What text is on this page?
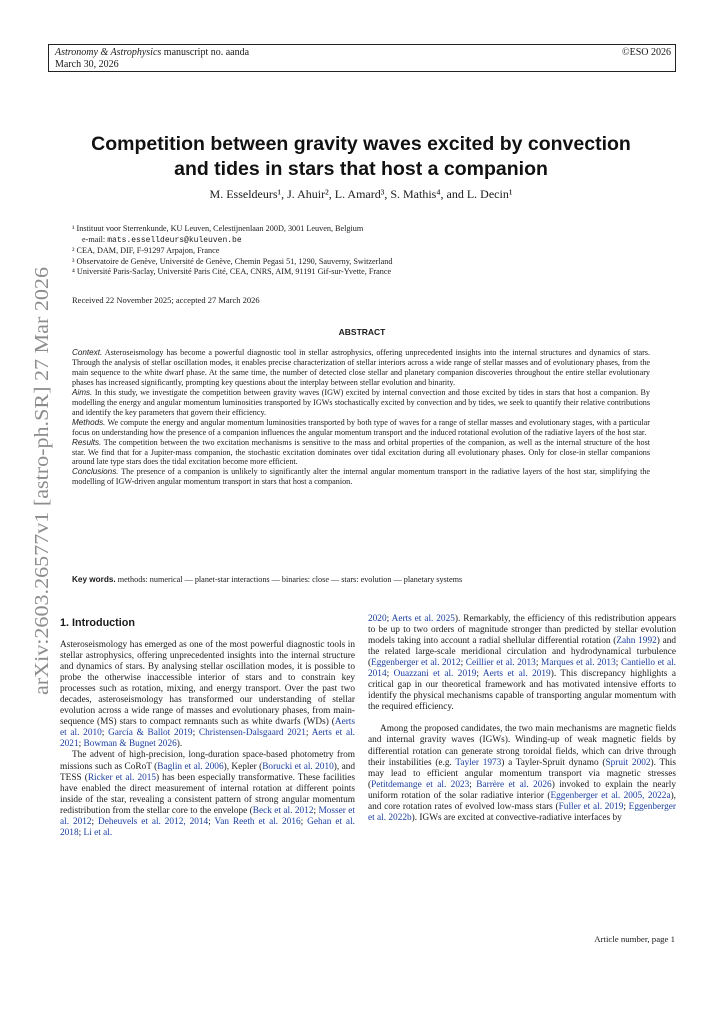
Astronomy & Astrophysics manuscript no. aanda
March 30, 2026
©ESO 2026
arXiv:2603.26577v1 [astro-ph.SR] 27 Mar 2026
Competition between gravity waves excited by convection
and tides in stars that host a companion
M. Esseldeurs¹, J. Ahuir², L. Amard³, S. Mathis⁴, and L. Decin¹
¹ Instituut voor Sterrenkunde, KU Leuven, Celestijnenlaan 200D, 3001 Leuven, Belgium
e-mail: mats.esselldeurs@kuleuven.be
² CEA, DAM, DIF, F-91297 Arpajon, France
³ Observatoire de Genève, Université de Genève, Chemin Pegasi 51, 1290, Sauverny, Switzerland
⁴ Université Paris-Saclay, Université Paris Cité, CEA, CNRS, AIM, 91191 Gif-sur-Yvette, France
Received 22 November 2025; accepted 27 March 2026
ABSTRACT

Context. Asteroseismology has become a powerful diagnostic tool in stellar astrophysics, offering unprecedented insights into the internal structures and dynamics of stars. Through the analysis of stellar oscillation modes, it enables precise characterization of stellar interiors across a wide range of stellar masses and of evolutionary phases, from the main sequence to the white dwarf phase. At the same time, the number of detected close stellar and planetary companion discoveries throughout the entire stellar evolutionary phases has increased significantly, prompting key questions about the interplay between stellar evolution and binarity.

Aims. In this study, we investigate the competition between gravity waves (IGW) excited by internal convection and those excited by tides in stars that host a companion. By modelling the energy and angular momentum luminosities transported by IGWs stochastically excited by convection and by tides, we seek to quantify their relative contributions and identify the key parameters that govern their efficiency.

Methods. We compute the energy and angular momentum luminosities transported by both type of waves for a range of stellar masses and evolutionary stages, with a particular focus on understanding how the presence of a companion influences the angular momentum transport and the induced rotational evolution of the radiative layers of the host star.

Results. The competition between the two excitation mechanisms is sensitive to the mass and orbital properties of the companion, as well as the internal structure of the host star. We find that for a Jupiter-mass companion, the stochastic excitation dominates over tidal excitation during all evolutionary phases. Only for close-in stellar companions around late type stars does the tidal excitation become more efficient.

Conclusions. The presence of a companion is unlikely to significantly alter the internal angular momentum transport in the radiative layers of the host star, simplifying the modelling of IGW-driven angular momentum transport in stars that host a companion.

Key words. methods: numerical — planet-star interactions — binaries: close — stars: evolution — planetary systems
1. Introduction

Asteroseismology has emerged as one of the most powerful diagnostic tools in stellar astrophysics, offering unprecedented insights into the internal structure and dynamics of stars. By analysing stellar oscillation modes, it is possible to probe the otherwise inaccessible interior of stars and to constrain key processes such as rotation, mixing, and energy transport. Over the past two decades, asteroseismology has transformed our understanding of stellar evolution across a wide range of masses and evolutionary phases, from main-sequence (MS) stars to compact remnants such as white dwarfs (WDs) (Aerts et al. 2010; García & Ballot 2019; Christensen-Dalsgaard 2021; Aerts et al. 2021; Bowman & Bugnet 2026).

The advent of high-precision, long-duration space-based photometry from missions such as CoRoT (Baglin et al. 2006), Kepler (Borucki et al. 2010), and TESS (Ricker et al. 2015) has been especially transformative. These facilities have enabled the direct measurement of internal rotation at different points inside of the star, revealing a consistent pattern of strong angular momentum redistribution from the stellar core to the envelope (Beck et al. 2012; Mosser et al. 2012; Deheuvels et al. 2012, 2014; Van Reeth et al. 2016; Gehan et al. 2018; Li et al.

2020; Aerts et al. 2025). Remarkably, the efficiency of this redistribution appears to be up to two orders of magnitude stronger than predicted by stellar evolution models taking into account a radial shellular differential rotation (Zahn 1992) and the related large-scale meridional circulation and hydrodynamical turbulence (Eggenberger et al. 2012; Ceillier et al. 2013; Marques et al. 2013; Cantiello et al. 2014; Ouazzani et al. 2019; Aerts et al. 2019). This discrepancy highlights a critical gap in our theoretical framework and has motivated intensive efforts to identify the physical mechanisms capable of transporting angular momentum with the required efficiency.

Among the proposed candidates, the two main mechanisms are magnetic fields and internal gravity waves (IGWs). Winding-up of weak magnetic fields by differential rotation can generate strong toroidal fields, which can drive through their instabilities (e.g. Tayler 1973) a Tayler-Spruit dynamo (Spruit 2002). This may lead to efficient angular momentum transport via magnetic stresses (Petitdemange et al. 2023; Barrère et al. 2026) invoked to explain the nearly uniform rotation of the solar radiative interior (Eggenberger et al. 2005, 2022a), and core rotation rates of evolved low-mass stars (Fuller et al. 2019; Eggenberger et al. 2022b). IGWs are excited at convective-radiative interfaces by

Article number, page 1
